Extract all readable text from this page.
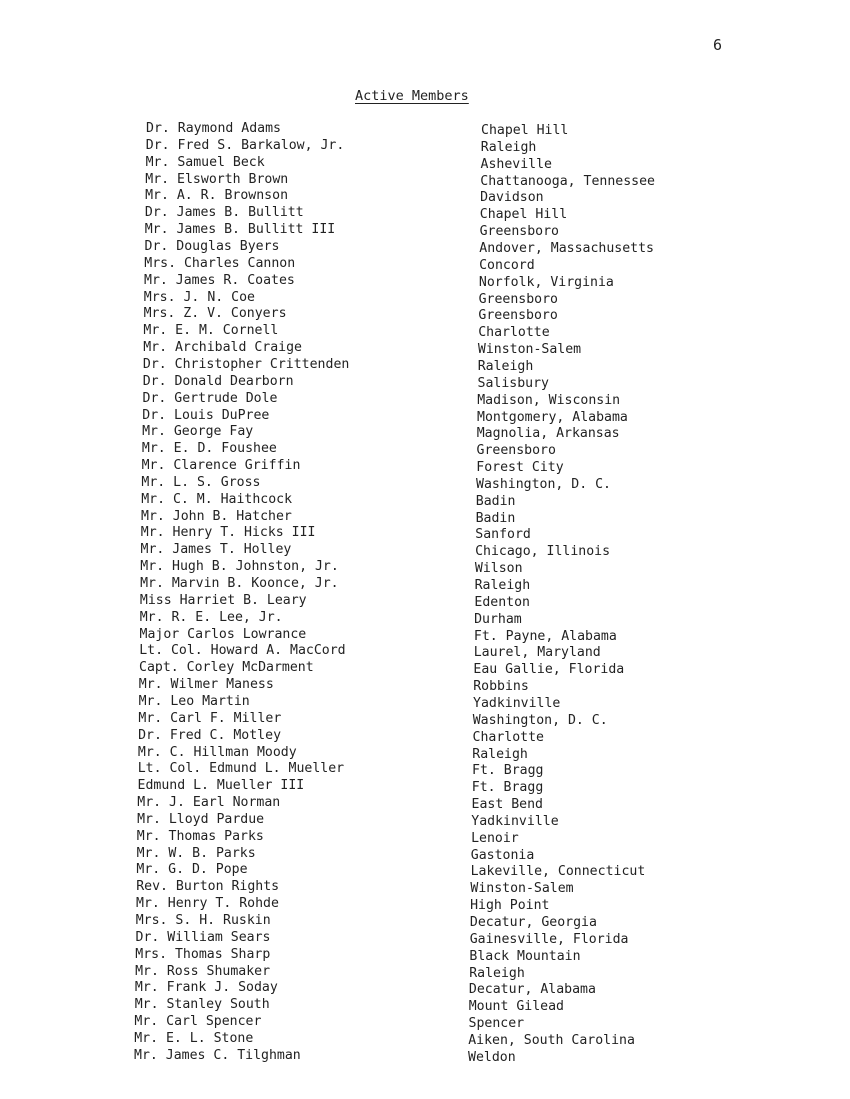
6
Active Members
Dr. Raymond Adams	Chapel Hill
Dr. Fred S. Barkalow, Jr.	Raleigh
Mr. Samuel Beck	Asheville
Mr. Elsworth Brown	Chattanooga, Tennessee
Mr. A. R. Brownson	Davidson
Dr. James B. Bullitt	Chapel Hill
Mr. James B. Bullitt III	Greensboro
Dr. Douglas Byers	Andover, Massachusetts
Mrs. Charles Cannon	Concord
Mr. James R. Coates	Norfolk, Virginia
Mrs. J. N. Coe	Greensboro
Mrs. Z. V. Conyers	Greensboro
Mr. E. M. Cornell	Charlotte
Mr. Archibald Craige	Winston-Salem
Dr. Christopher Crittenden	Raleigh
Dr. Donald Dearborn	Salisbury
Dr. Gertrude Dole	Madison, Wisconsin
Dr. Louis DuPree	Montgomery, Alabama
Mr. George Fay	Magnolia, Arkansas
Mr. E. D. Foushee	Greensboro
Mr. Clarence Griffin	Forest City
Mr. L. S. Gross	Washington, D. C.
Mr. C. M. Haithcock	Badin
Mr. John B. Hatcher	Badin
Mr. Henry T. Hicks III	Sanford
Mr. James T. Holley	Chicago, Illinois
Mr. Hugh B. Johnston, Jr.	Wilson
Mr. Marvin B. Koonce, Jr.	Raleigh
Miss Harriet B. Leary	Edenton
Mr. R. E. Lee, Jr.	Durham
Major Carlos Lowrance	Ft. Payne, Alabama
Lt. Col. Howard A. MacCord	Laurel, Maryland
Capt. Corley McDarment	Eau Gallie, Florida
Mr. Wilmer Maness	Robbins
Mr. Leo Martin	Yadkinville
Mr. Carl F. Miller	Washington, D. C.
Dr. Fred C. Motley	Charlotte
Mr. C. Hillman Moody	Raleigh
Lt. Col. Edmund L. Mueller	Ft. Bragg
Edmund L. Mueller III	Ft. Bragg
Mr. J. Earl Norman	East Bend
Mr. Lloyd Pardue	Yadkinville
Mr. Thomas Parks	Lenoir
Mr. W. B. Parks	Gastonia
Mr. G. D. Pope	Lakeville, Connecticut
Rev. Burton Rights	Winston-Salem
Mr. Henry T. Rohde	High Point
Mrs. S. H. Ruskin	Decatur, Georgia
Dr. William Sears	Gainesville, Florida
Mrs. Thomas Sharp	Black Mountain
Mr. Ross Shumaker	Raleigh
Mr. Frank J. Soday	Decatur, Alabama
Mr. Stanley South	Mount Gilead
Mr. Carl Spencer	Spencer
Mr. E. L. Stone	Aiken, South Carolina
Mr. James C. Tilghman	Weldon
